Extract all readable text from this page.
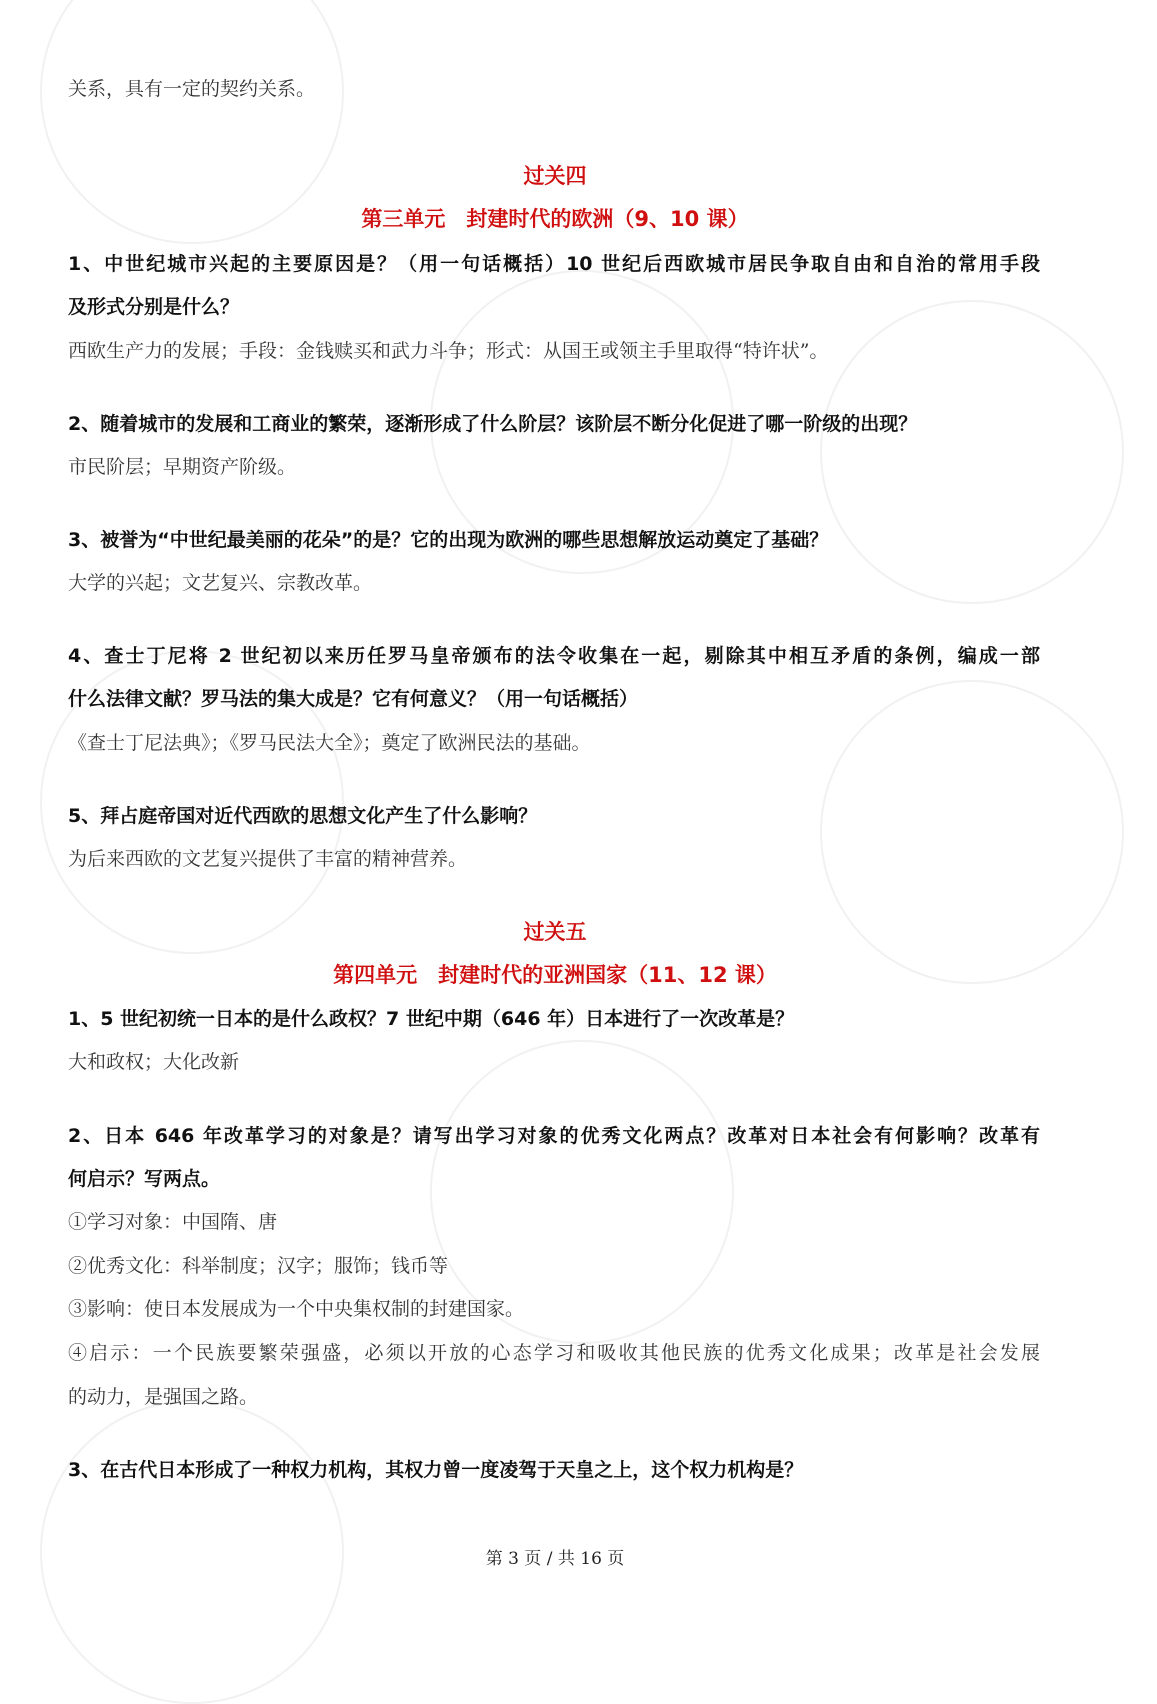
关系，具有一定的契约关系。
过关四
第三单元　封建时代的欧洲（9、10 课）
1、中世纪城市兴起的主要原因是？（用一句话概括）10 世纪后西欧城市居民争取自由和自治的常用手段
及形式分别是什么？
西欧生产力的发展；手段：金钱赎买和武力斗争；形式：从国王或领主手里取得“特许状”。
2、随着城市的发展和工商业的繁荣，逐渐形成了什么阶层？该阶层不断分化促进了哪一阶级的出现？
市民阶层；早期资产阶级。
3、被誉为“中世纪最美丽的花朵”的是？它的出现为欧洲的哪些思想解放运动奠定了基础？
大学的兴起；文艺复兴、宗教改革。
4、查士丁尼将 2 世纪初以来历任罗马皇帝颁布的法令收集在一起，剔除其中相互矛盾的条例，编成一部
什么法律文献？罗马法的集大成是？它有何意义？（用一句话概括）
《查士丁尼法典》；《罗马民法大全》；奠定了欧洲民法的基础。
5、拜占庭帝国对近代西欧的思想文化产生了什么影响？
为后来西欧的文艺复兴提供了丰富的精神营养。
过关五
第四单元　封建时代的亚洲国家（11、12 课）
1、5 世纪初统一日本的是什么政权？7 世纪中期（646 年）日本进行了一次改革是？
大和政权；大化改新
2、日本 646 年改革学习的对象是？请写出学习对象的优秀文化两点？改革对日本社会有何影响？改革有
何启示？写两点。
①学习对象：中国隋、唐
②优秀文化：科举制度；汉字；服饰；钱币等
③影响：使日本发展成为一个中央集权制的封建国家。
④启示：一个民族要繁荣强盛，必须以开放的心态学习和吸收其他民族的优秀文化成果；改革是社会发展
的动力，是强国之路。
3、在古代日本形成了一种权力机构，其权力曾一度凌驾于天皇之上，这个权力机构是？
第 3 页 / 共 16 页
